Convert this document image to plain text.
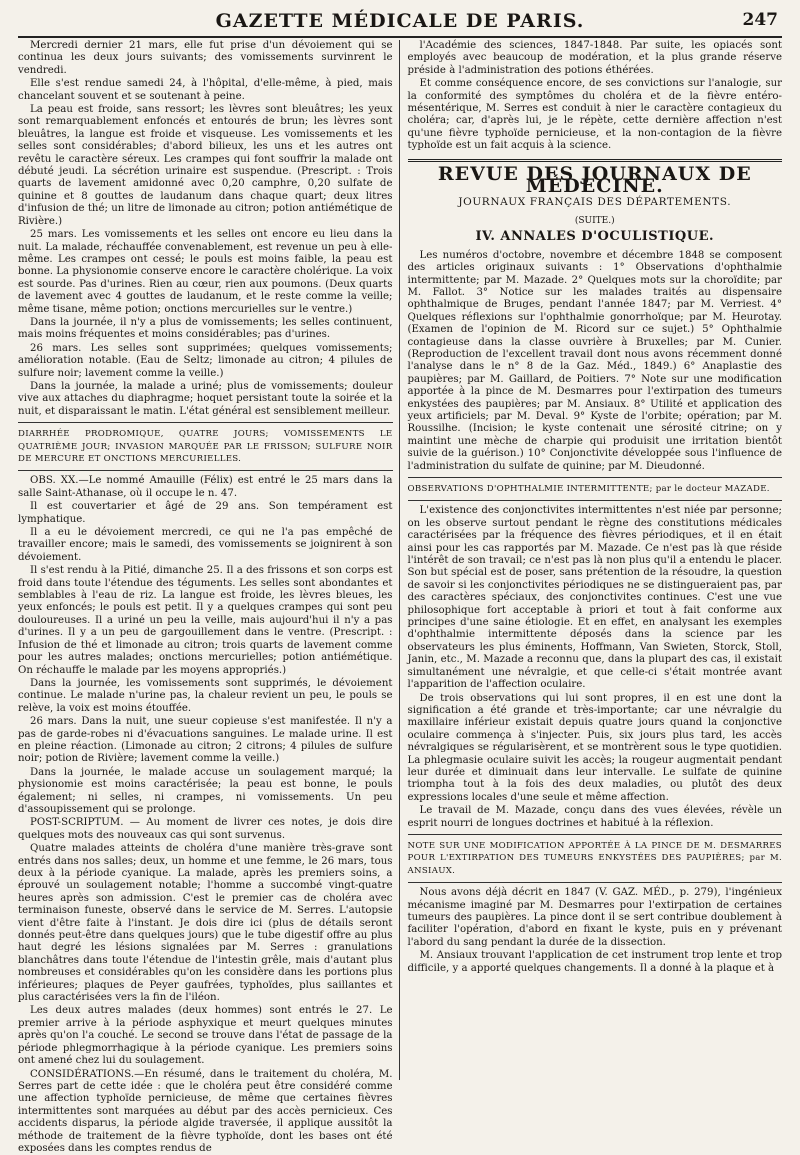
GAZETTE MÉDICALE DE PARIS.	247

Mercredi dernier 21 mars, elle fut prise d'un dévoiement qui se continua les deux jours suivants; des vomissements survinrent le vendredi.

Elle s'est rendue samedi 24, à l'hôpital, d'elle-même, à pied, mais chancelant souvent et se soutenant à peine.

La peau est froide, sans ressort; les lèvres sont bleuâtres; les yeux sont remarquablement enfoncés et entourés de brun; les lèvres sont bleuâtres, la langue est froide et visqueuse. Les vomissements et les selles sont considérables; d'abord bilieux, les uns et les autres ont revêtu le caractère séreux. Les crampes qui font souffrir la malade ont débuté jeudi. La sécrétion urinaire est suspendue. (Prescript. : Trois quarts de lavement amidonné avec 0,20 camphre, 0,20 sulfate de quinine et 8 gouttes de laudanum dans chaque quart; deux litres d'infusion de thé; un litre de limonade au citron; potion antiémétique de Rivière.)

25 mars. Les vomissements et les selles ont encore eu lieu dans la nuit. La malade, réchauffée convenablement, est revenue un peu à elle-même. Les crampes ont cessé; le pouls est moins faible, la peau est bonne. La physionomie conserve encore le caractère cholérique. La voix est sourde. Pas d'urines. Rien au cœur, rien aux poumons. (Deux quarts de lavement avec 4 gouttes de laudanum, et le reste comme la veille; même tisane, même potion; onctions mercurielles sur le ventre.)

Dans la journée, il n'y a plus de vomissements; les selles continuent, mais moins fréquentes et moins considérables; pas d'urines.

26 mars. Les selles sont supprimées; quelques vomissements; amélioration notable. (Eau de Seltz; limonade au citron; 4 pilules de sulfure noir; lavement comme la veille.)

Dans la journée, la malade a uriné; plus de vomissements; douleur vive aux attaches du diaphragme; hoquet persistant toute la soirée et la nuit, et disparaissant le matin. L'état général est sensiblement meilleur.

DIARRHÉE PRODROMIQUE, QUATRE JOURS; VOMISSEMENTS LE QUATRIÈME JOUR; INVASION MARQUÉE PAR LE FRISSON; SULFURE NOIR DE MERCURE ET ONCTIONS MERCURIELLES.

OBS. XX.—Le nommé Amauille (Félix) est entré le 25 mars dans la salle Saint-Athanase, où il occupe le n. 47.

Il est couvertarier et âgé de 29 ans. Son tempérament est lymphatique.

Il a eu le dévoiement mercredi, ce qui ne l'a pas empêché de travailler encore; mais le samedi, des vomissements se joignirent à son dévoiement.

Il s'est rendu à la Pitié, dimanche 25. Il a des frissons et son corps est froid dans toute l'étendue des téguments. Les selles sont abondantes et semblables à l'eau de riz. La langue est froide, les lèvres bleues, les yeux enfoncés; le pouls est petit. Il y a quelques crampes qui sont peu douloureuses. Il a uriné un peu la veille, mais aujourd'hui il n'y a pas d'urines. Il y a un peu de gargouillement dans le ventre. (Prescript. : Infusion de thé et limonade au citron; trois quarts de lavement comme pour les autres malades; onctions mercurielles; potion antiémétique. On réchauffe le malade par les moyens appropriés.)

Dans la journée, les vomissements sont supprimés, le dévoiement continue. Le malade n'urine pas, la chaleur revient un peu, le pouls se relève, la voix est moins étouffée.

26 mars. Dans la nuit, une sueur copieuse s'est manifestée. Il n'y a pas de garde-robes ni d'évacuations sanguines. Le malade urine. Il est en pleine réaction. (Limonade au citron; 2 citrons; 4 pilules de sulfure noir; potion de Rivière; lavement comme la veille.)

Dans la journée, le malade accuse un soulagement marqué; la physionomie est moins caractérisée; la peau est bonne, le pouls également; ni selles, ni crampes, ni vomissements. Un peu d'assoupissement qui se prolonge.

POST-SCRIPTUM. — Au moment de livrer ces notes, je dois dire quelques mots des nouveaux cas qui sont survenus.

Quatre malades atteints de choléra d'une manière très-grave sont entrés dans nos salles; deux, un homme et une femme, le 26 mars, tous deux à la période cyanique. La malade, après les premiers soins, a éprouvé un soulagement notable; l'homme a succombé vingt-quatre heures après son admission. C'est le premier cas de choléra avec terminaison funeste, observé dans le service de M. Serres. L'autopsie vient d'être faite à l'instant. Je dois dire ici (plus de détails seront donnés peut-être dans quelques jours) que le tube digestif offre au plus haut degré les lésions signalées par M. Serres : granulations blanchâtres dans toute l'étendue de l'intestin grêle, mais d'autant plus nombreuses et considérables qu'on les considère dans les portions plus inférieures; plaques de Peyer gaufrées, typhoïdes, plus saillantes et plus caractérisées vers la fin de l'iléon.

Les deux autres malades (deux hommes) sont entrés le 27. Le premier arrive à la période asphyxique et meurt quelques minutes après qu'on l'a couché. Le second se trouve dans l'état de passage de la période phlegmorrhagique à la période cyanique. Les premiers soins ont amené chez lui du soulagement.

CONSIDÉRATIONS.—En résumé, dans le traitement du choléra, M. Serres part de cette idée : que le choléra peut être considéré comme une affection typhoïde pernicieuse, de même que certaines fièvres intermittentes sont marquées au début par des accès pernicieux. Ces accidents disparus, la période algide traversée, il applique aussitôt la méthode de traitement de la fièvre typhoïde, dont les bases ont été exposées dans les comptes rendus de

l'Académie des sciences, 1847-1848. Par suite, les opiacés sont employés avec beaucoup de modération, et la plus grande réserve préside à l'administration des potions éthérées.

Et comme conséquence encore, de ses convictions sur l'analogie, sur la conformité des symptômes du choléra et de la fièvre entéro-mésentérique, M. Serres est conduit à nier le caractère contagieux du choléra; car, d'après lui, je le répète, cette dernière affection n'est qu'une fièvre typhoïde pernicieuse, et la non-contagion de la fièvre typhoïde est un fait acquis à la science.

REVUE DES JOURNAUX DE MÉDECINE.
JOURNAUX FRANÇAIS DES DÉPARTEMENTS.
(SUITE.)
IV. ANNALES D'OCULISTIQUE.

Les numéros d'octobre, novembre et décembre 1848 se composent des articles originaux suivants : 1° Observations d'ophthalmie intermittente; par M. Mazade. 2° Quelques mots sur la choroïdite; par M. Fallot. 3° Notice sur les malades traités au dispensaire ophthalmique de Bruges, pendant l'année 1847; par M. Verriest. 4° Quelques réflexions sur l'ophthalmie gonorrhoïque; par M. Heurotay. (Examen de l'opinion de M. Ricord sur ce sujet.) 5° Ophthalmie contagieuse dans la classe ouvrière à Bruxelles; par M. Cunier. (Reproduction de l'excellent travail dont nous avons récemment donné l'analyse dans le n° 8 de la Gaz. Méd., 1849.) 6° Anaplastie des paupières; par M. Gaillard, de Poitiers. 7° Note sur une modification apportée à la pince de M. Desmarres pour l'extirpation des tumeurs enkystées des paupières; par M. Ansiaux. 8° Utilité et application des yeux artificiels; par M. Deval. 9° Kyste de l'orbite; opération; par M. Roussilhe. (Incision; le kyste contenait une sérosité citrine; on y maintint une mèche de charpie qui produisit une irritation bientôt suivie de la guérison.) 10° Conjonctivite développée sous l'influence de l'administration du sulfate de quinine; par M. Dieudonné.

OBSERVATIONS D'OPHTHALMIE INTERMITTENTE; par le docteur MAZADE.

L'existence des conjonctivites intermittentes n'est niée par personne; on les observe surtout pendant le règne des constitutions médicales caractérisées par la fréquence des fièvres périodiques, et il en était ainsi pour les cas rapportés par M. Mazade. Ce n'est pas là que réside l'intérêt de son travail; ce n'est pas là non plus qu'il a entendu le placer. Son but spécial est de poser, sans prétention de la résoudre, la question de savoir si les conjonctivites périodiques ne se distingueraient pas, par des caractères spéciaux, des conjonctivites continues. C'est une vue philosophique fort acceptable à priori et tout à fait conforme aux principes d'une saine étiologie. Et en effet, en analysant les exemples d'ophthalmie intermittente déposés dans la science par les observateurs les plus éminents, Hoffmann, Van Swieten, Storck, Stoll, Janin, etc., M. Mazade a reconnu que, dans la plupart des cas, il existait simultanément une névralgie, et que celle-ci s'était montrée avant l'apparition de l'affection oculaire.

De trois observations qui lui sont propres, il en est une dont la signification a été grande et très-importante; car une névralgie du maxillaire inférieur existait depuis quatre jours quand la conjonctive oculaire commença à s'injecter. Puis, six jours plus tard, les accès névralgiques se régularisèrent, et se montrèrent sous le type quotidien. La phlegmasie oculaire suivit les accès; la rougeur augmentait pendant leur durée et diminuait dans leur intervalle. Le sulfate de quinine triompha tout à la fois des deux maladies, ou plutôt des deux expressions locales d'une seule et même affection.

Le travail de M. Mazade, conçu dans des vues élevées, révèle un esprit nourri de longues doctrines et habitué à la réflexion.

NOTE SUR UNE MODIFICATION APPORTÉE À LA PINCE DE M. DESMARRES POUR L'EXTIRPATION DES TUMEURS ENKYSTÉES DES PAUPIÈRES; par M. ANSIAUX.

Nous avons déjà décrit en 1847 (V. GAZ. MÉD., p. 279), l'ingénieux mécanisme imaginé par M. Desmarres pour l'extirpation de certaines tumeurs des paupières. La pince dont il se sert contribue doublement à faciliter l'opération, d'abord en fixant le kyste, puis en y prévenant l'abord du sang pendant la durée de la dissection.

M. Ansiaux trouvant l'application de cet instrument trop lente et trop difficile, y a apporté quelques changements. Il a donné à la plaque et à
